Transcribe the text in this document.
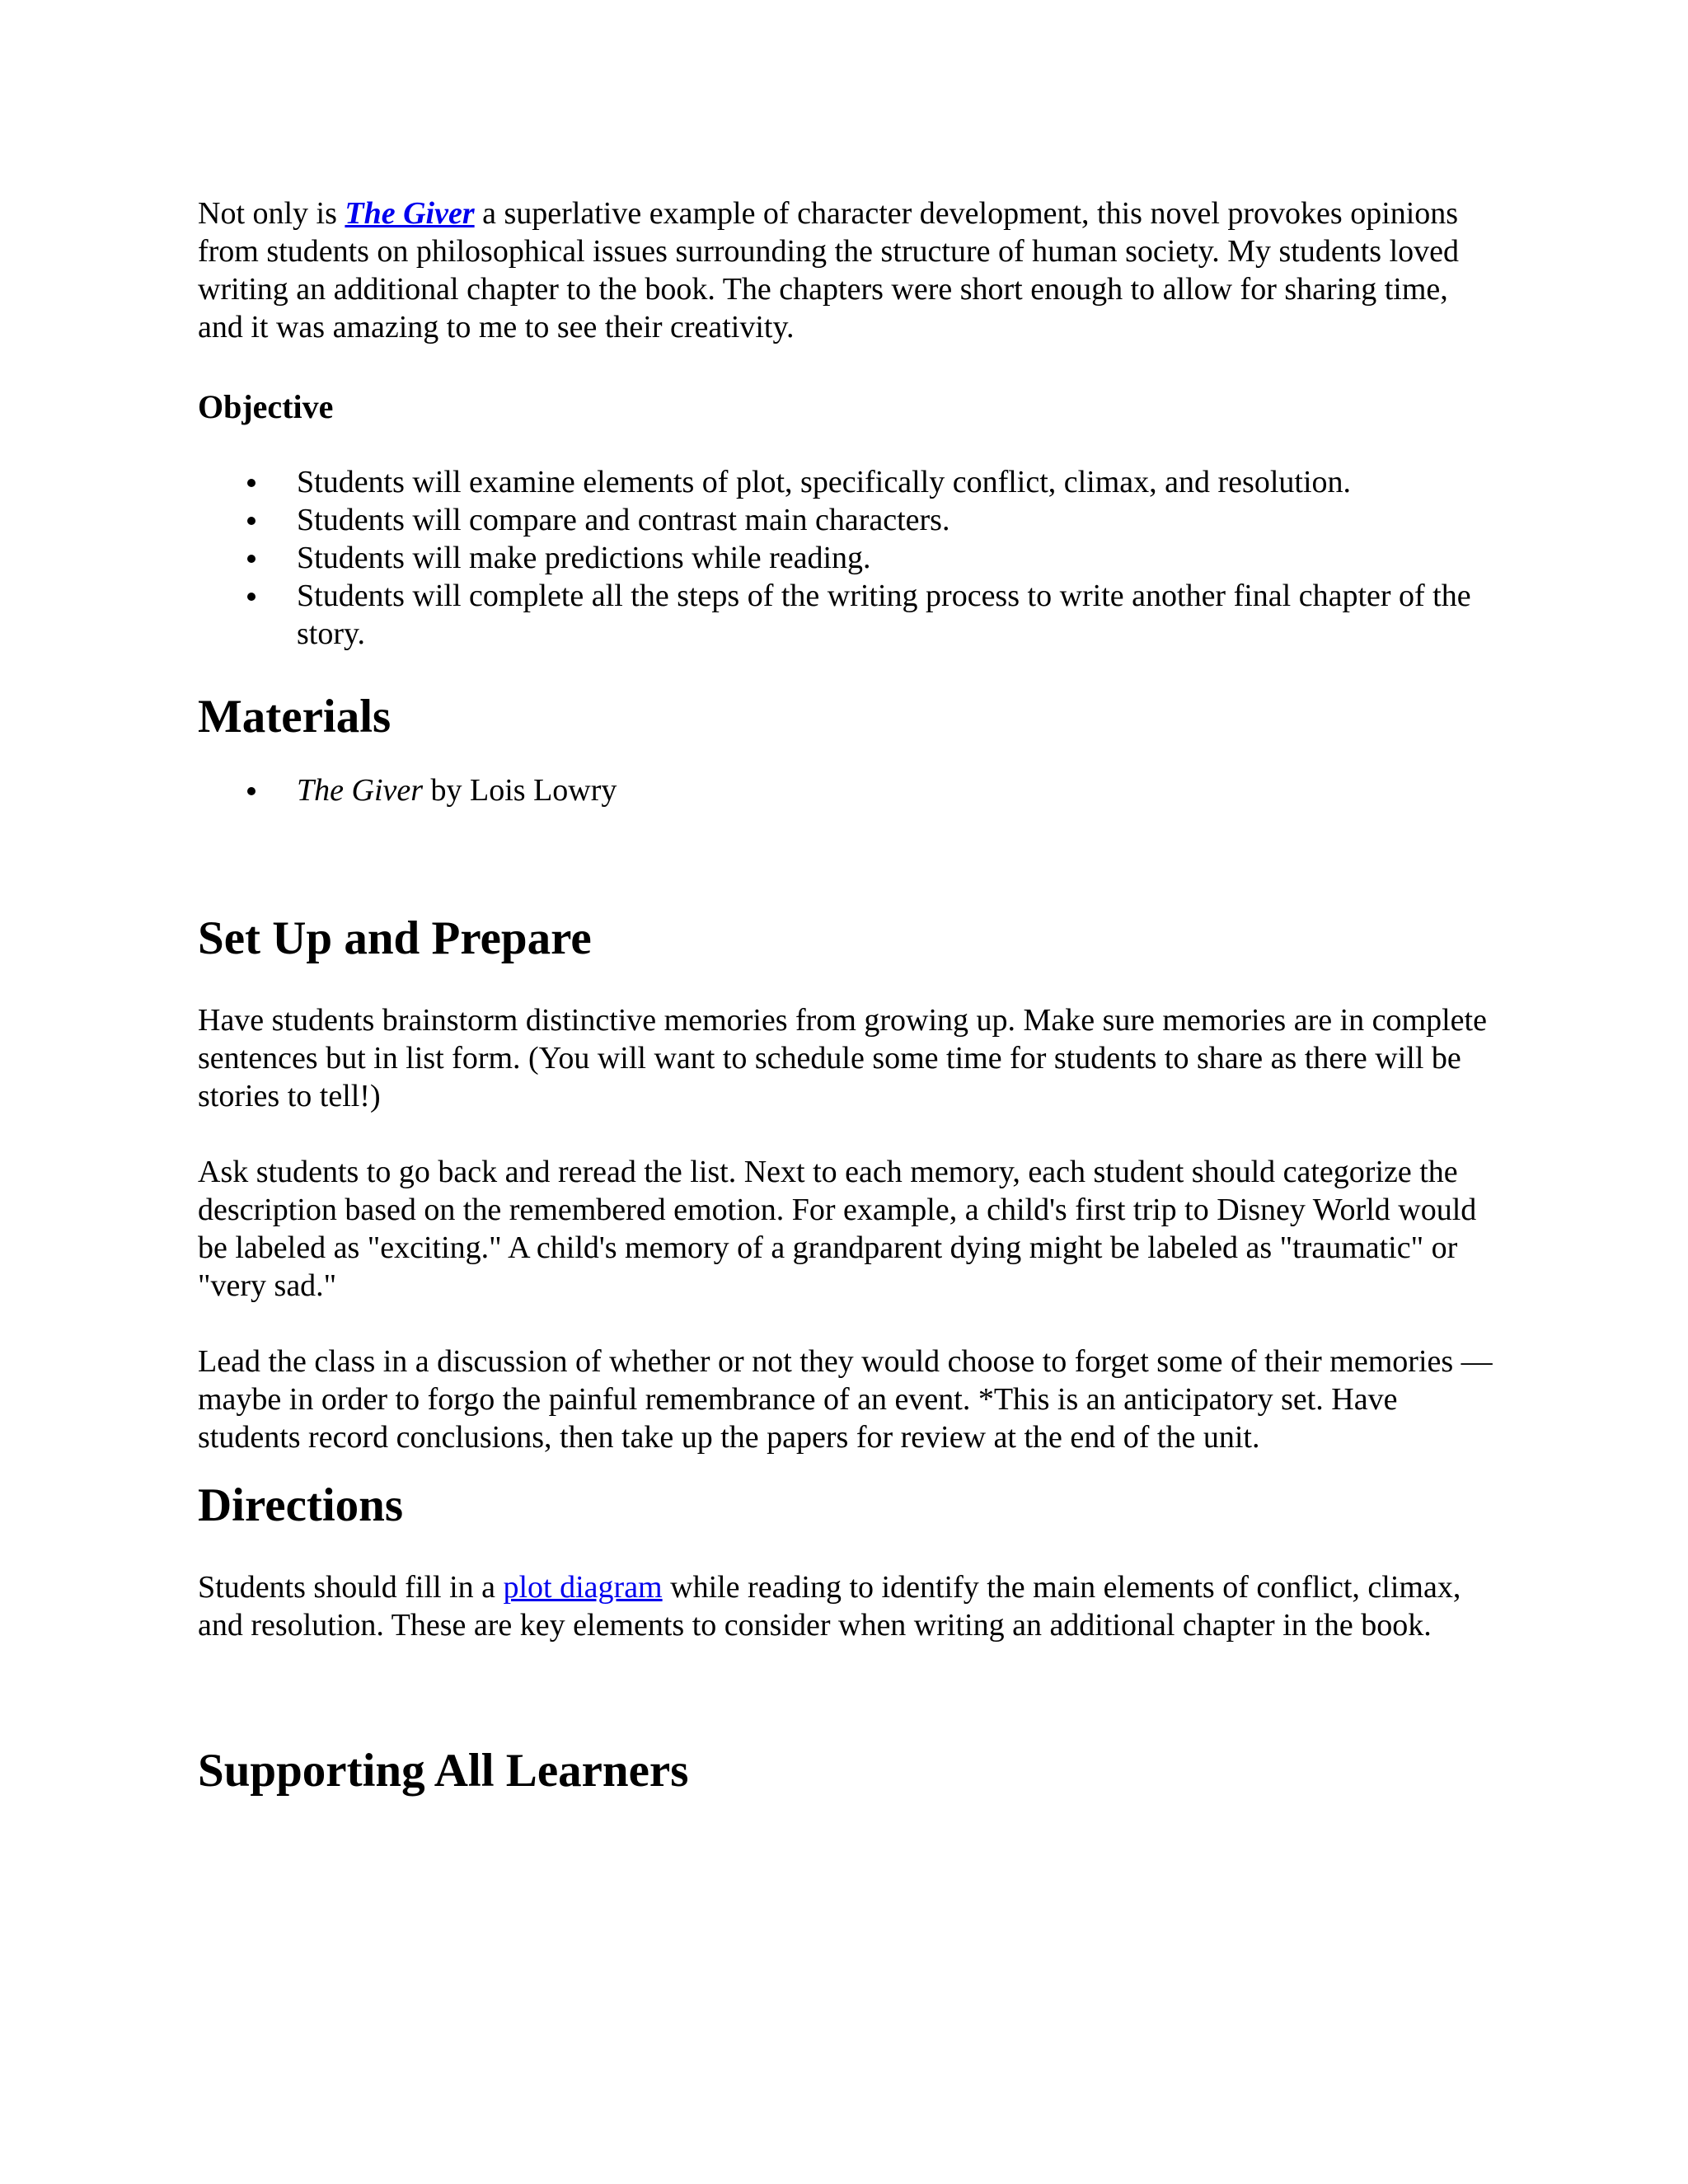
Not only is The Giver a superlative example of character development, this novel provokes opinions from students on philosophical issues surrounding the structure of human society. My students loved writing an additional chapter to the book. The chapters were short enough to allow for sharing time, and it was amazing to me to see their creativity.

Objective
Students will examine elements of plot, specifically conflict, climax, and resolution.
Students will compare and contrast main characters.
Students will make predictions while reading.
Students will complete all the steps of the writing process to write another final chapter of the story.
Materials
The Giver by Lois Lowry
Set Up and Prepare

Have students brainstorm distinctive memories from growing up. Make sure memories are in complete sentences but in list form. (You will want to schedule some time for students to share as there will be stories to tell!)

Ask students to go back and reread the list. Next to each memory, each student should categorize the description based on the remembered emotion. For example, a child's first trip to Disney World would be labeled as "exciting." A child's memory of a grandparent dying might be labeled as "traumatic" or "very sad."

Lead the class in a discussion of whether or not they would choose to forget some of their memories — maybe in order to forgo the painful remembrance of an event. *This is an anticipatory set. Have students record conclusions, then take up the papers for review at the end of the unit.

Directions

Students should fill in a plot diagram while reading to identify the main elements of conflict, climax, and resolution. These are key elements to consider when writing an additional chapter in the book.

Supporting All Learners
